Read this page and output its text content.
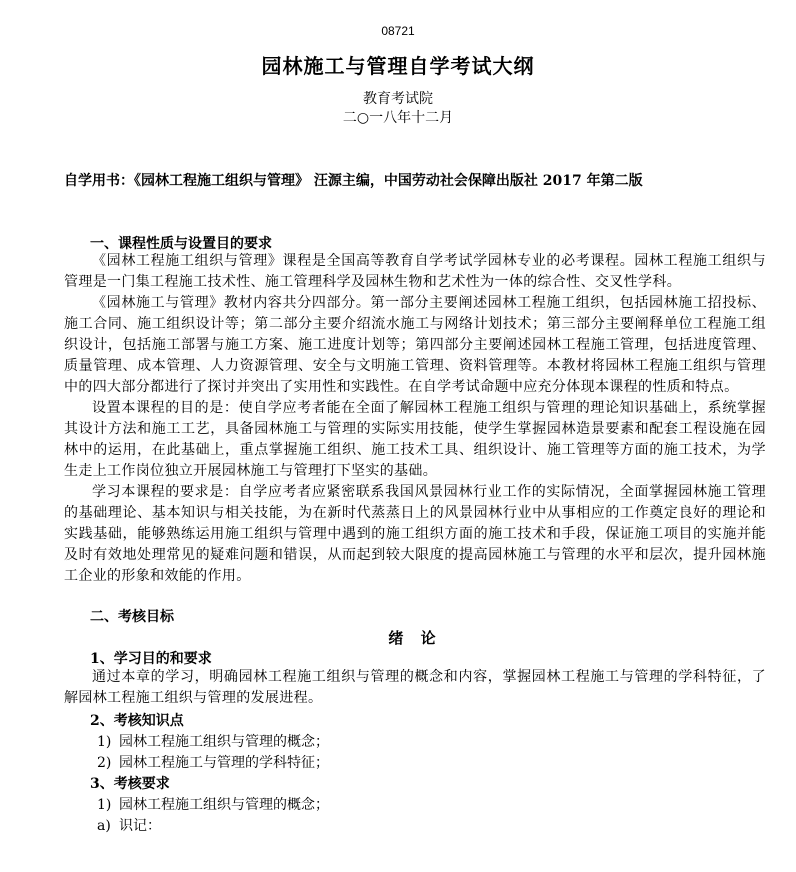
08721
园林施工与管理自学考试大纲
教育考试院
二○一八年十二月
自学用书：《园林工程施工组织与管理》 汪源主编，中国劳动社会保障出版社 2017 年第二版
一、课程性质与设置目的要求

《园林工程施工组织与管理》课程是全国高等教育自学考试学园林专业的必考课程。园林工程施工组织与管理是一门集工程施工技术性、施工管理科学及园林生物和艺术性为一体的综合性、交叉性学科。

《园林施工与管理》教材内容共分四部分。第一部分主要阐述园林工程施工组织，包括园林施工招投标、施工合同、施工组织设计等；第二部分主要介绍流水施工与网络计划技术；第三部分主要阐释单位工程施工组织设计，包括施工部署与施工方案、施工进度计划等；第四部分主要阐述园林工程施工管理，包括进度管理、质量管理、成本管理、人力资源管理、安全与文明施工管理、资料管理等。本教材将园林工程施工组织与管理中的四大部分都进行了探讨并突出了实用性和实践性。在自学考试命题中应充分体现本课程的性质和特点。

设置本课程的目的是：使自学应考者能在全面了解园林工程施工组织与管理的理论知识基础上，系统掌握其设计方法和施工工艺，具备园林施工与管理的实际实用技能，使学生掌握园林造景要素和配套工程设施在园林中的运用，在此基础上，重点掌握施工组织、施工技术工具、组织设计、施工管理等方面的施工技术，为学生走上工作岗位独立开展园林施工与管理打下坚实的基础。

学习本课程的要求是：自学应考者应紧密联系我国风景园林行业工作的实际情况，全面掌握园林施工管理的基础理论、基本知识与相关技能，为在新时代蒸蒸日上的风景园林行业中从事相应的工作奠定良好的理论和实践基础，能够熟练运用施工组织与管理中遇到的施工组织方面的施工技术和手段，保证施工项目的实施并能及时有效地处理常见的疑难问题和错误，从而起到较大限度的提高园林施工与管理的水平和层次，提升园林施工企业的形象和效能的作用。

二、考核目标
绪 论
1、学习目的和要求

通过本章的学习，明确园林工程施工组织与管理的概念和内容，掌握园林工程施工与管理的学科特征，了解园林工程施工组织与管理的发展进程。

2、考核知识点
1) 园林工程施工组织与管理的概念；
2) 园林工程施工与管理的学科特征；
3、考核要求
1) 园林工程施工组织与管理的概念；
a) 识记：
